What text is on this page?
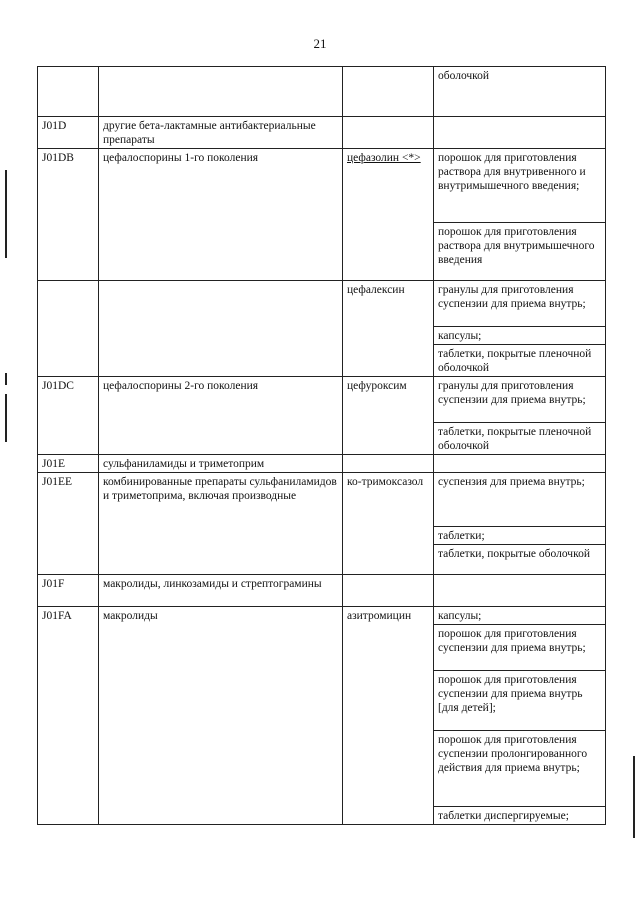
21
			оболочкой
J01D	другие бета-лактамные антибактериальные препараты		
J01DB	цефалоспорины 1-го поколения	цефазолин <*>	порошок для приготовления раствора для внутривенного и внутримышечного введения;
			порошок для приготовления раствора для внутримышечного введения
		цефалексин	гранулы для приготовления суспензии для приема внутрь;
			капсулы;
			таблетки, покрытые пленочной оболочкой
J01DC	цефалоспорины 2-го поколения	цефуроксим	гранулы для приготовления суспензии для приема внутрь;
			таблетки, покрытые пленочной оболочкой
J01E	сульфаниламиды и триметоприм		
J01EE	комбинированные препараты сульфаниламидов и триметоприма, включая производные	ко-тримоксазол	суспензия для приема внутрь;
			таблетки;
			таблетки, покрытые оболочкой
J01F	макролиды, линкозамиды и стрептограмины		
J01FA	макролиды	азитромицин	капсулы;
			порошок для приготовления суспензии для приема внутрь;
			порошок для приготовления суспензии для приема внутрь [для детей];
			порошок для приготовления суспензии пролонгированного действия для приема внутрь;
			таблетки диспергируемые;
